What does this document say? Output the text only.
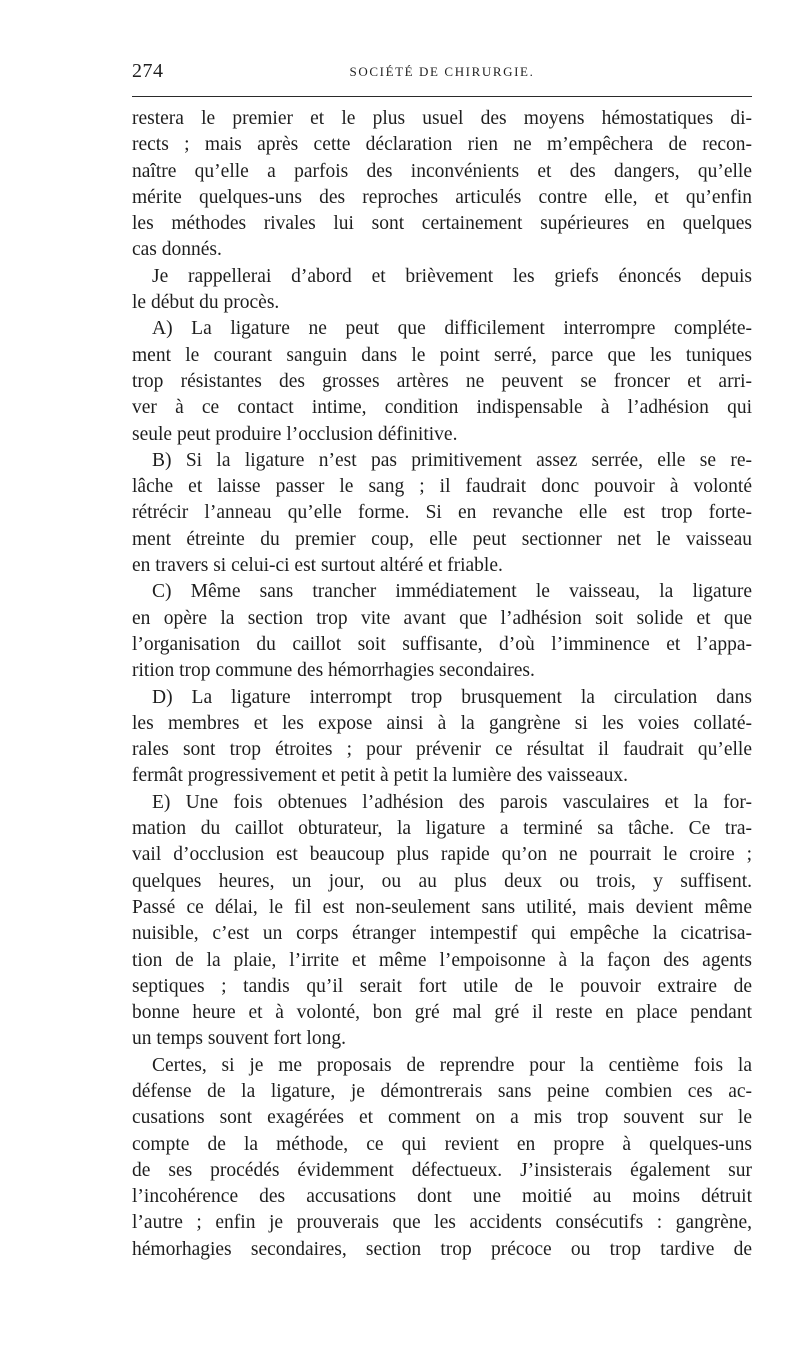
274	SOCIÉTÉ DE CHIRURGIE.
restera le premier et le plus usuel des moyens hémostatiques di-
rects ; mais après cette déclaration rien ne m’empêchera de recon-
naître qu’elle a parfois des inconvénients et des dangers, qu’elle
mérite quelques-uns des reproches articulés contre elle, et qu’enfin
les méthodes rivales lui sont certainement supérieures en quelques
cas donnés.
Je rappellerai d’abord et brièvement les griefs énoncés depuis
le début du procès.
A) La ligature ne peut que difficilement interrompre compléte-
ment le courant sanguin dans le point serré, parce que les tuniques
trop résistantes des grosses artères ne peuvent se froncer et arri-
ver à ce contact intime, condition indispensable à l’adhésion qui
seule peut produire l’occlusion définitive.
B) Si la ligature n’est pas primitivement assez serrée, elle se re-
lâche et laisse passer le sang ; il faudrait donc pouvoir à volonté
rétrécir l’anneau qu’elle forme. Si en revanche elle est trop forte-
ment étreinte du premier coup, elle peut sectionner net le vaisseau
en travers si celui-ci est surtout altéré et friable.
C) Même sans trancher immédiatement le vaisseau, la ligature
en opère la section trop vite avant que l’adhésion soit solide et que
l’organisation du caillot soit suffisante, d’où l’imminence et l’appa-
rition trop commune des hémorrhagies secondaires.
D) La ligature interrompt trop brusquement la circulation dans
les membres et les expose ainsi à la gangrène si les voies collaté-
rales sont trop étroites ; pour prévenir ce résultat il faudrait qu’elle
fermât progressivement et petit à petit la lumière des vaisseaux.
E) Une fois obtenues l’adhésion des parois vasculaires et la for-
mation du caillot obturateur, la ligature a terminé sa tâche. Ce tra-
vail d’occlusion est beaucoup plus rapide qu’on ne pourrait le croire ;
quelques heures, un jour, ou au plus deux ou trois, y suffisent.
Passé ce délai, le fil est non-seulement sans utilité, mais devient même
nuisible, c’est un corps étranger intempestif qui empêche la cicatrisa-
tion de la plaie, l’irrite et même l’empoisonne à la façon des agents
septiques ; tandis qu’il serait fort utile de le pouvoir extraire de
bonne heure et à volonté, bon gré mal gré il reste en place pendant
un temps souvent fort long.
Certes, si je me proposais de reprendre pour la centième fois la
défense de la ligature, je démontrerais sans peine combien ces ac-
cusations sont exagérées et comment on a mis trop souvent sur le
compte de la méthode, ce qui revient en propre à quelques-uns
de ses procédés évidemment défectueux. J’insisterais également sur
l’incohérence des accusations dont une moitié au moins détruit
l’autre ; enfin je prouverais que les accidents consécutifs : gangrène,
hémorhagies secondaires, section trop précoce ou trop tardive de
